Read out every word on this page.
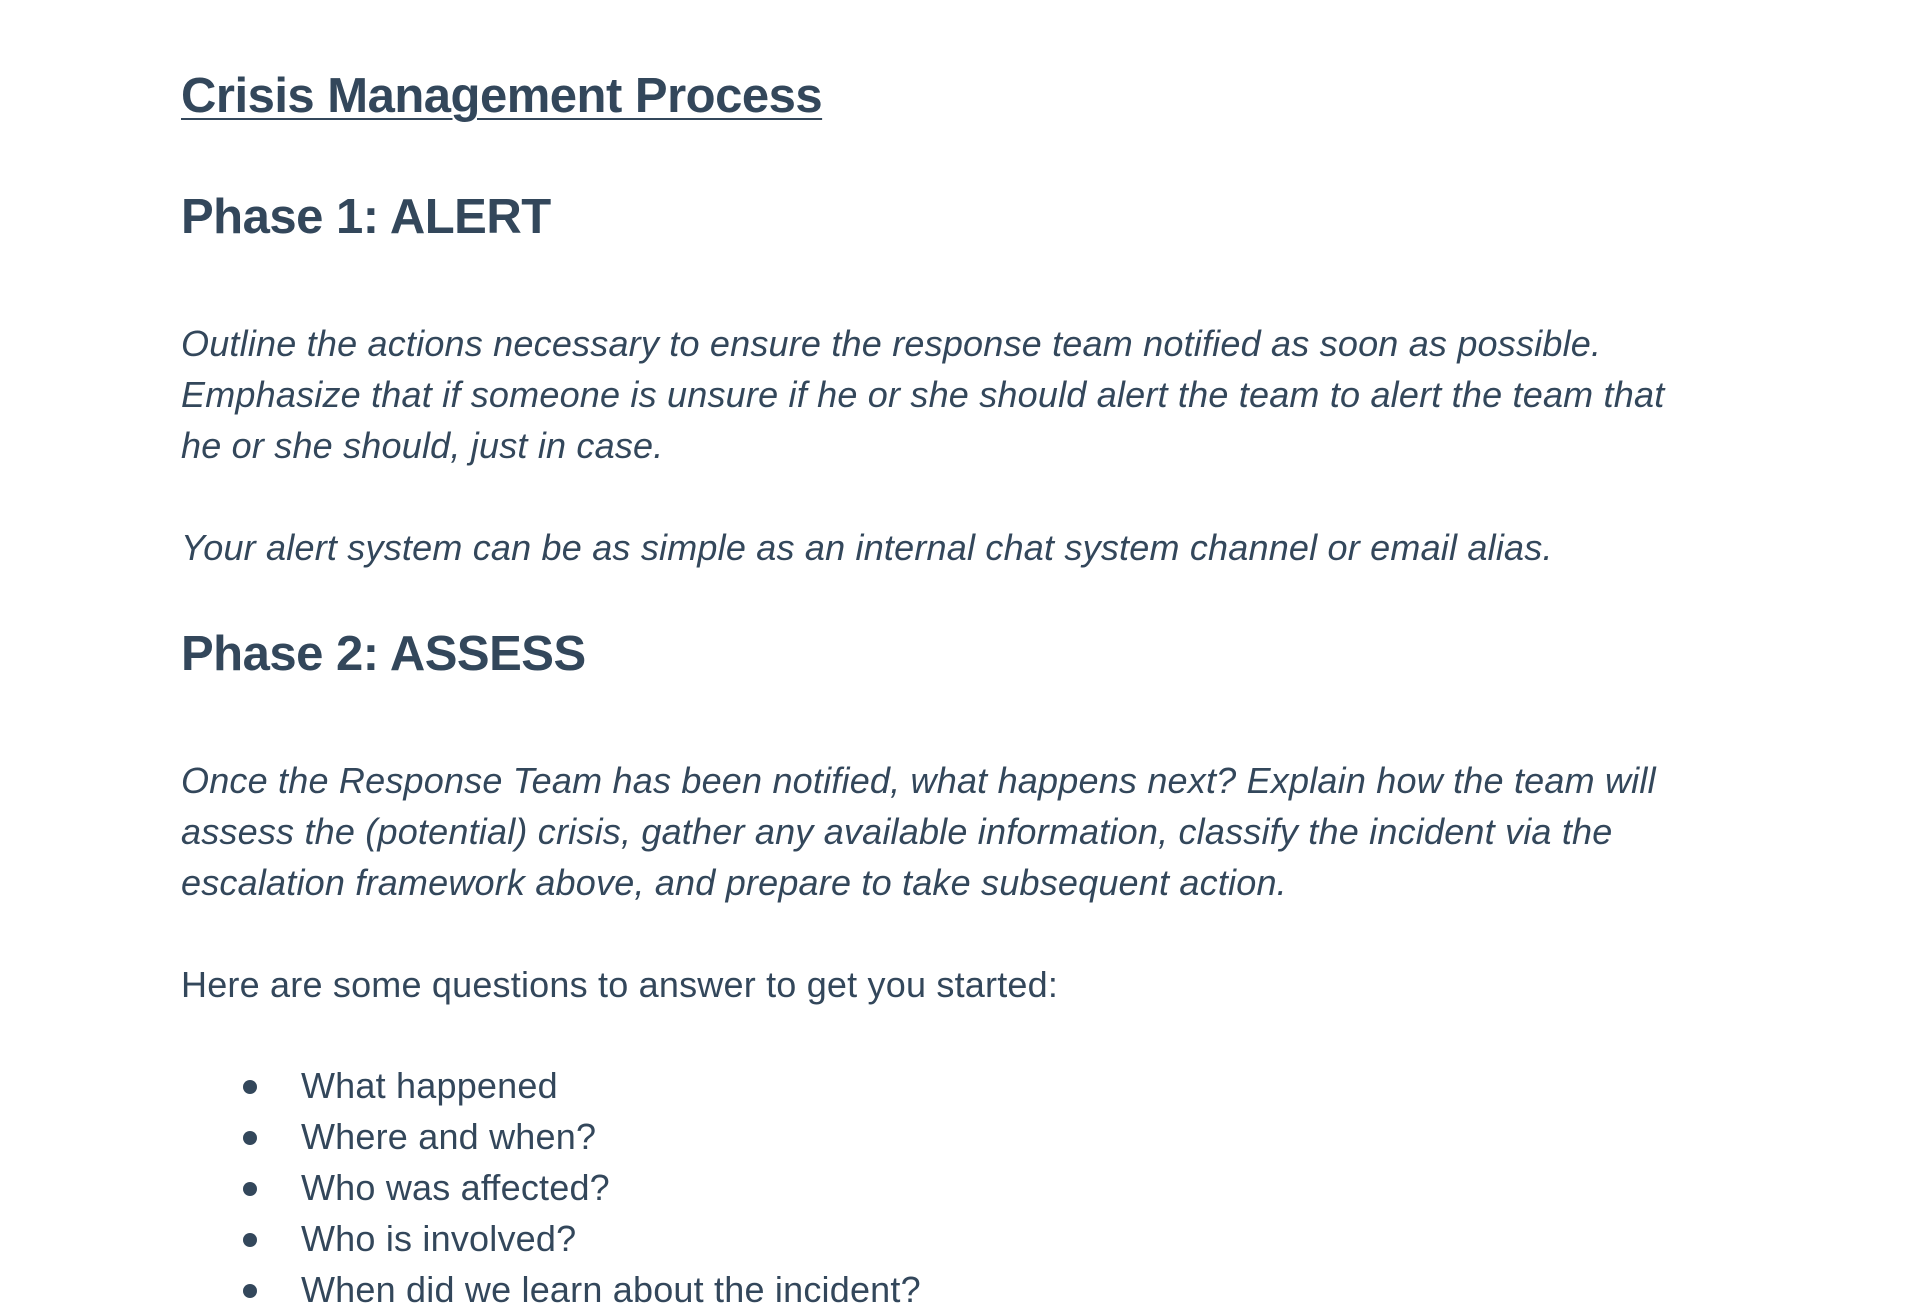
Crisis Management Process
Phase 1: ALERT

Outline the actions necessary to ensure the response team notified as soon as possible.
Emphasize that if someone is unsure if he or she should alert the team to alert the team that
he or she should, just in case.

Your alert system can be as simple as an internal chat system channel or email alias.

Phase 2: ASSESS

Once the Response Team has been notified, what happens next? Explain how the team will
assess the (potential) crisis, gather any available information, classify the incident via the
escalation framework above, and prepare to take subsequent action.

Here are some questions to answer to get you started:

What happened
Where and when?
Who was affected?
Who is involved?
When did we learn about the incident?
